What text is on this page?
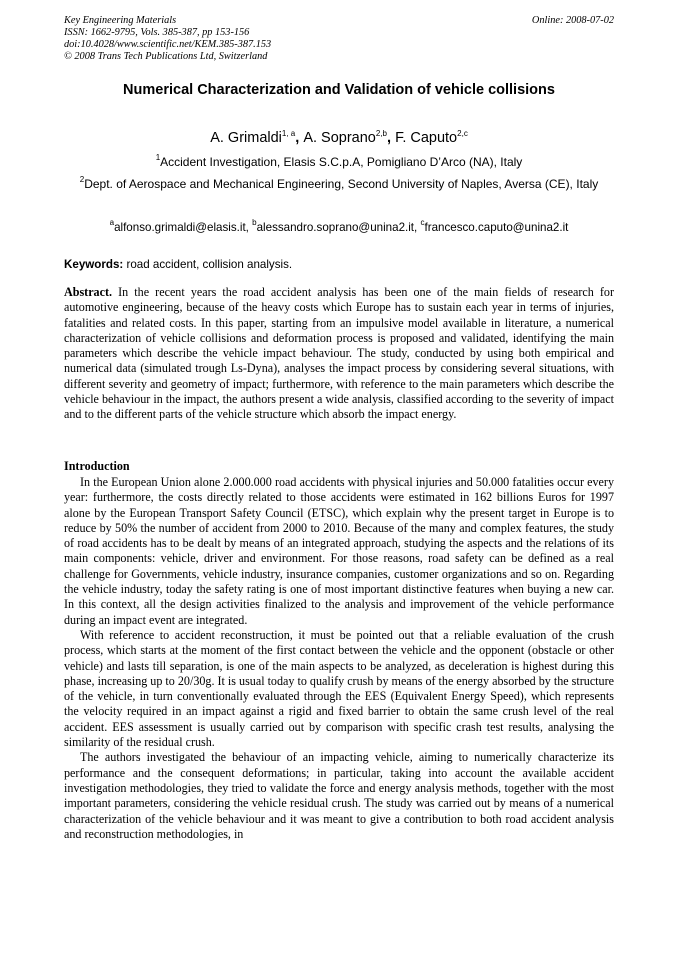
Key Engineering Materials
ISSN: 1662-9795, Vols. 385-387, pp 153-156
doi:10.4028/www.scientific.net/KEM.385-387.153
© 2008 Trans Tech Publications Ltd, Switzerland
Online: 2008-07-02
Numerical Characterization and Validation of vehicle collisions
A. Grimaldi$^{1, a}$, A. Soprano$^{2,b}$, F. Caputo$^{2,c}$
$^1$Accident Investigation, Elasis S.C.p.A, Pomigliano D’Arco (NA), Italy
$^2$Dept. of Aerospace and Mechanical Engineering, Second University of Naples, Aversa (CE), Italy
$^a$alfonso.grimaldi@elasis.it, $^b$alessandro.soprano@unina2.it, $^c$francesco.caputo@unina2.it
Keywords: road accident, collision analysis.
Abstract. In the recent years the road accident analysis has been one of the main fields of research for automotive engineering, because of the heavy costs which Europe has to sustain each year in terms of injuries, fatalities and related costs. In this paper, starting from an impulsive model available in literature, a numerical characterization of vehicle collisions and deformation process is proposed and validated, identifying the main parameters which describe the vehicle impact behaviour. The study, conducted by using both empirical and numerical data (simulated trough Ls-Dyna), analyses the impact process by considering several situations, with different severity and geometry of impact; furthermore, with reference to the main parameters which describe the vehicle behaviour in the impact, the authors present a wide analysis, classified according to the severity of impact and to the different parts of the vehicle structure which absorb the impact energy.
Introduction

In the European Union alone 2.000.000 road accidents with physical injuries and 50.000 fatalities occur every year: furthermore, the costs directly related to those accidents were estimated in 162 billions Euros for 1997 alone by the European Transport Safety Council (ETSC), which explain why the present target in Europe is to reduce by 50% the number of accident from 2000 to 2010. Because of the many and complex features, the study of road accidents has to be dealt by means of an integrated approach, studying the aspects and the relations of its main components: vehicle, driver and environment. For those reasons, road safety can be defined as a real challenge for Governments, vehicle industry, insurance companies, customer organizations and so on. Regarding the vehicle industry, today the safety rating is one of most important distinctive features when buying a new car. In this context, all the design activities finalized to the analysis and improvement of the vehicle performance during an impact event are integrated.

With reference to accident reconstruction, it must be pointed out that a reliable evaluation of the crush process, which starts at the moment of the first contact between the vehicle and the opponent (obstacle or other vehicle) and lasts till separation, is one of the main aspects to be analyzed, as deceleration is highest during this phase, increasing up to 20/30g. It is usual today to qualify crush by means of the energy absorbed by the structure of the vehicle, in turn conventionally evaluated through the EES (Equivalent Energy Speed), which represents the velocity required in an impact against a rigid and fixed barrier to obtain the same crush level of the real accident. EES assessment is usually carried out by comparison with specific crash test results, analysing the similarity of the residual crush.

The authors investigated the behaviour of an impacting vehicle, aiming to numerically characterize its performance and the consequent deformations; in particular, taking into account the available accident investigation methodologies, they tried to validate the force and energy analysis methods, together with the most important parameters, considering the vehicle residual crush. The study was carried out by means of a numerical characterization of the vehicle behaviour and it was meant to give a contribution to both road accident analysis and reconstruction methodologies, in
